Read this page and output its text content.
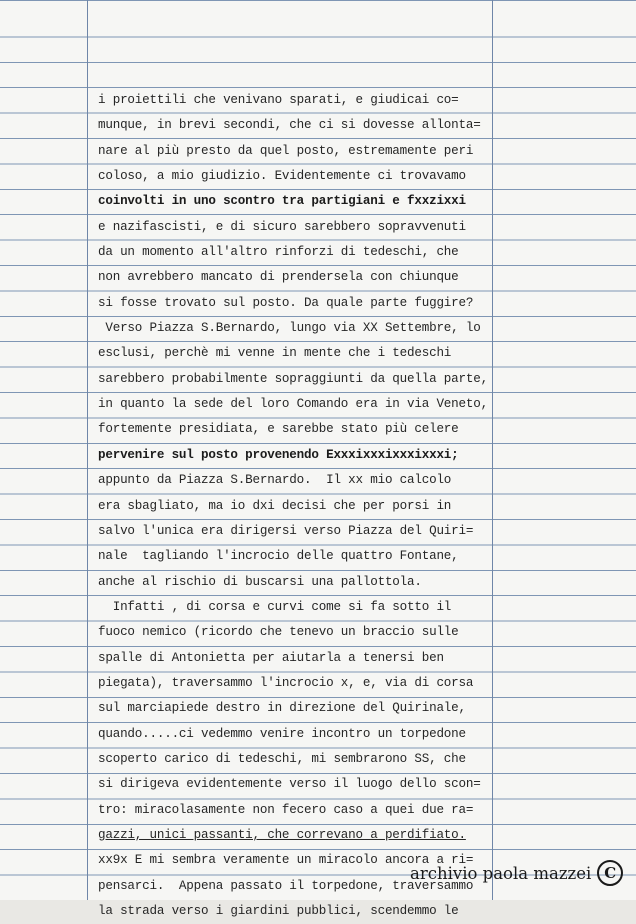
i proiettili che venivano sparati, e giudicai co=
munque, in brevi secondi, che ci si dovesse allonta=
nare al più presto da quel posto, estremamente peri
coloso, a mio giudizio. Evidentemente ci trovavamo
coinvolti in uno scontro tra partigiani e fxxzixxi
e nazifascisti, e di sicuro sarebbero sopravvenuti
da un momento all'altro rinforzi di tedeschi, che
non avrebbero mancato di prendersela con chiunque
si fosse trovato sul posto. Da quale parte fuggire?
Verso Piazza S.Bernardo, lungo via XX Settembre, lo
esclusi, perchè mi venne in mente che i tedeschi
sarebbero probabilmente sopraggiunti da quella parte,
in quanto la sede del loro Comando era in via Veneto,
fortemente presidiata, e sarebbe stato più celere
pervenire sul posto provenendo Exxxixxxixxxixxxi;
appunto da Piazza S.Bernardo.  Il xx mio calcolo
era sbagliato, ma io dxi decisi che per porsi in
salvo l'unica era dirigersi verso Piazza del Quiri=
nale  tagliando l'incrocio delle quattro Fontane,
anche al rischio di buscarsi una pallottola.
Infatti , di corsa e curvi come si fa sotto il
fuoco nemico (ricordo che tenevo un braccio sulle
spalle di Antonietta per aiutarla a tenersi ben
piegata), traversammo l'incrocio x, e, via di corsa
sul marciapiede destro in direzione del Quirinale,
quando.....ci vedemmo venire incontro un torpedone
scoperto carico di tedeschi, mi sembrarono SS, che
si dirigeva evidentemente verso il luogo dello scon=
tro: miracolasamente non fecero caso a quei due ra=
gazzi, unici passanti, che correvano a perdifiato.
xx9x E mi sembra veramente un miracolo ancora a ri=
pensarci.  Appena passato il torpedone, traversammo
la strada verso i giardini pubblici, scendemmo le
archivio paola mazzei C
